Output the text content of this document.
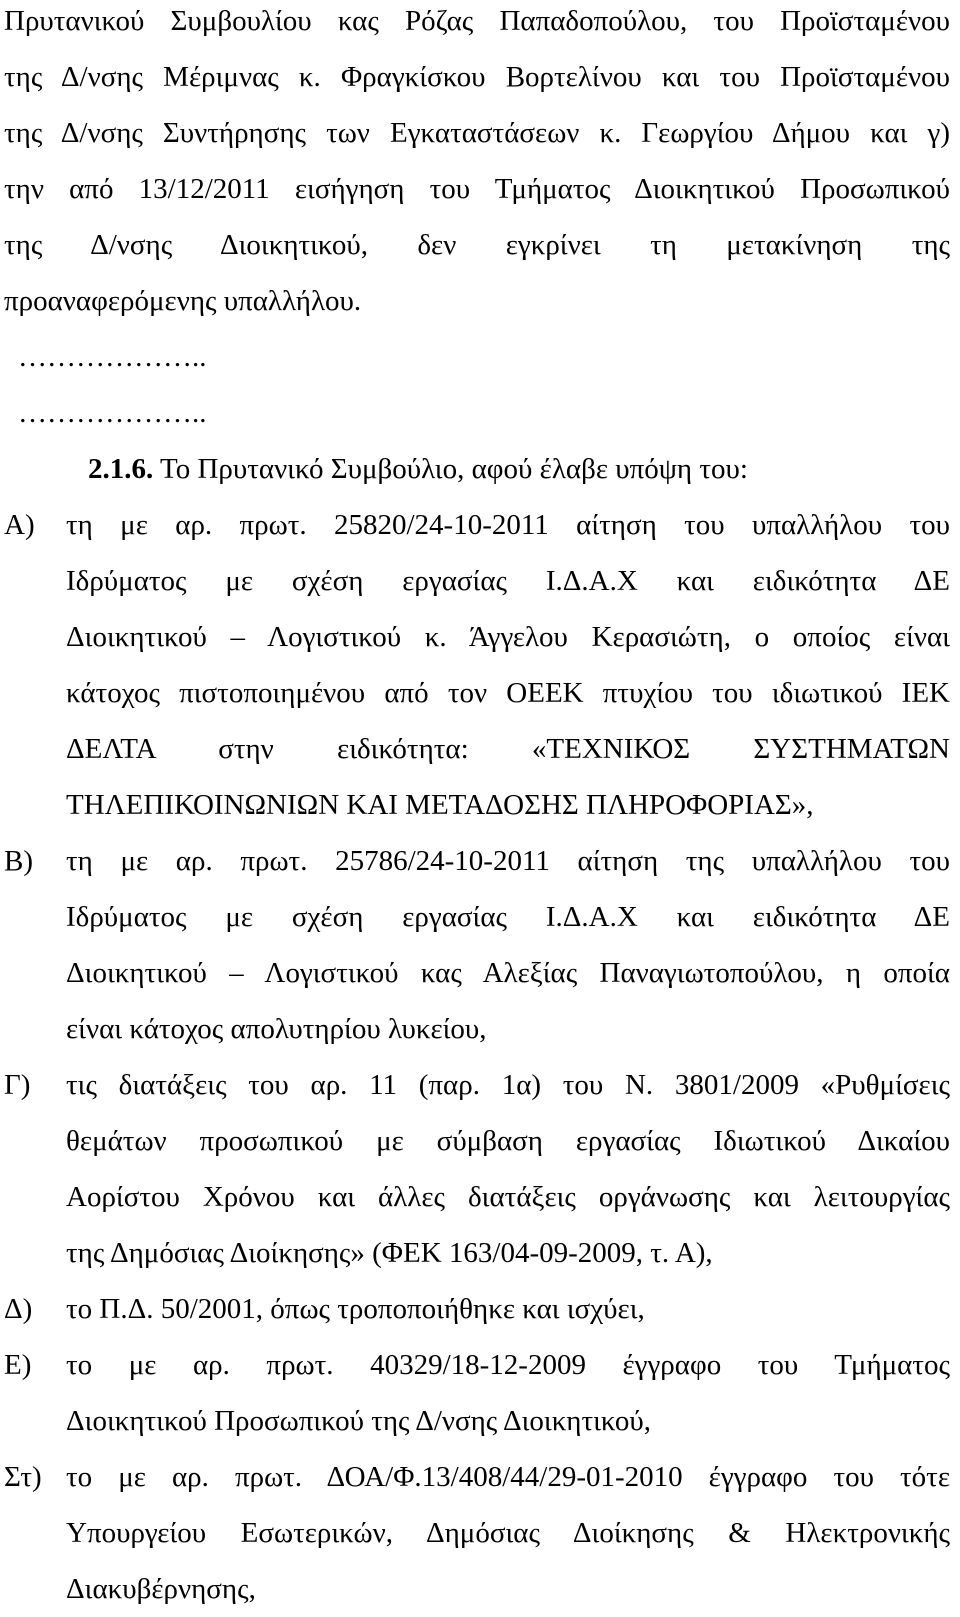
Πρυτανικού Συμβουλίου κας Ρόζας Παπαδοπούλου, του Προϊσταμένου
της Δ/νσης Μέριμνας κ. Φραγκίσκου Βορτελίνου και του Προϊσταμένου
της Δ/νσης Συντήρησης των Εγκαταστάσεων κ. Γεωργίου Δήμου και γ)
την από 13/12/2011 εισήγηση του Τμήματος Διοικητικού Προσωπικού
της Δ/νσης Διοικητικού, δεν εγκρίνει τη μετακίνηση της
προαναφερόμενης υπαλλήλου.
………………..
………………..
2.1.6. Το Πρυτανικό Συμβούλιο, αφού έλαβε υπόψη του:
Α)	τη με αρ. πρωτ. 25820/24-10-2011 αίτηση του υπαλλήλου του
Ιδρύματος με σχέση εργασίας Ι.Δ.Α.Χ και ειδικότητα ΔΕ
Διοικητικού – Λογιστικού κ. Άγγελου Κερασιώτη, ο οποίος είναι
κάτοχος πιστοποιημένου από τον ΟΕΕΚ πτυχίου του ιδιωτικού ΙΕΚ
ΔΕΛΤΑ στην ειδικότητα: «ΤΕΧΝΙΚΟΣ ΣΥΣΤΗΜΑΤΩΝ
ΤΗΛΕΠΙΚΟΙΝΩΝΙΩΝ ΚΑΙ ΜΕΤΑΔΟΣΗΣ ΠΛΗΡΟΦΟΡΙΑΣ»,
Β)	τη με αρ. πρωτ. 25786/24-10-2011 αίτηση της υπαλλήλου του
Ιδρύματος με σχέση εργασίας Ι.Δ.Α.Χ και ειδικότητα ΔΕ
Διοικητικού – Λογιστικού κας Αλεξίας Παναγιωτοπούλου, η οποία
είναι κάτοχος απολυτηρίου λυκείου,
Γ)	τις διατάξεις του αρ. 11 (παρ. 1α) του Ν. 3801/2009 «Ρυθμίσεις
θεμάτων προσωπικού με σύμβαση εργασίας Ιδιωτικού Δικαίου
Αορίστου Χρόνου και άλλες διατάξεις οργάνωσης και λειτουργίας
της Δημόσιας Διοίκησης» (ΦΕΚ 163/04-09-2009, τ. Α),
Δ)	το Π.Δ. 50/2001, όπως τροποποιήθηκε και ισχύει,
Ε)	το με αρ. πρωτ. 40329/18-12-2009 έγγραφο του Τμήματος
Διοικητικού Προσωπικού της Δ/νσης Διοικητικού,
Στ) το με αρ. πρωτ. ΔΟΑ/Φ.13/408/44/29-01-2010 έγγραφο του τότε
Υπουργείου Εσωτερικών, Δημόσιας Διοίκησης & Ηλεκτρονικής
Διακυβέρνησης,
